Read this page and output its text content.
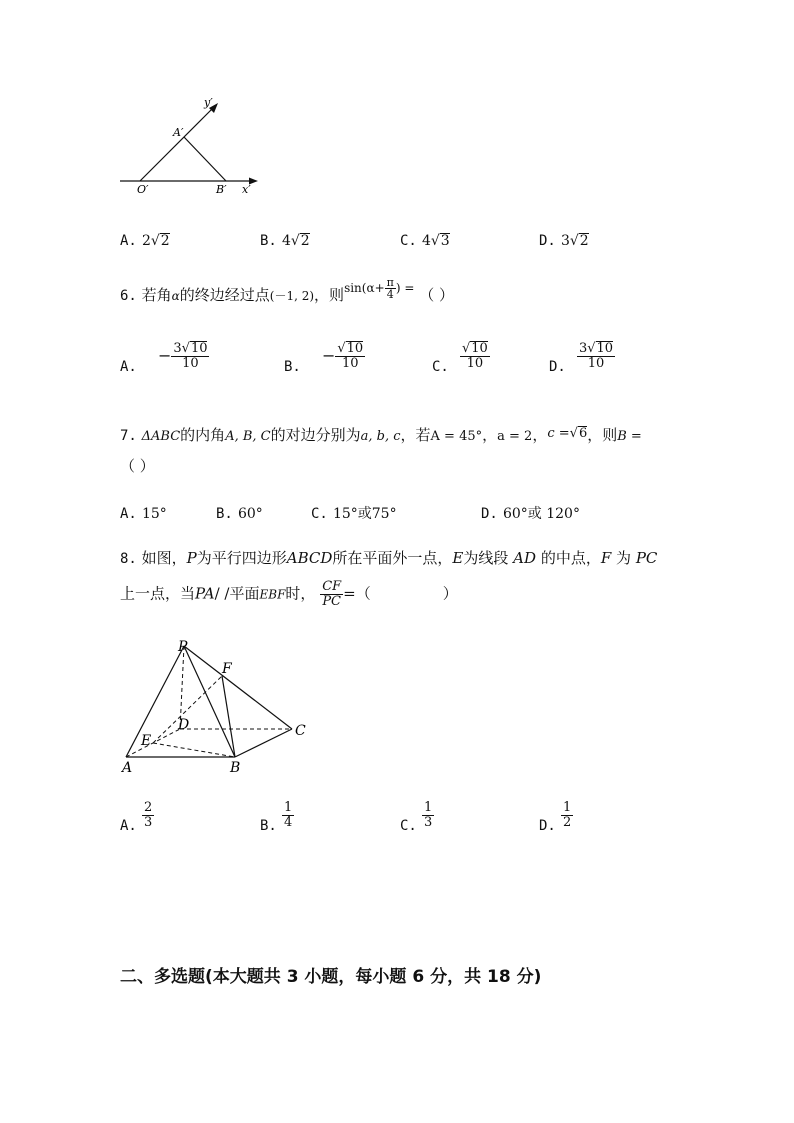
y′
A′
O′	B′ x′
A. 2√2	B. 4√2	C. 4√3	D. 3√2
6. 若角α的终边经过点(－1, 2)，则$^{sin(\alpha+ \frac{\pi}{4} ) =}$ （ ）
A. − $\frac{3√10}{10}$	B. − $\frac{√10}{10}$	C. $\frac{√10}{10}$	D. $\frac{3√10}{10}$
7. ΔABC的内角A, B, C的对边分别为a, b, c，若A = 45°，a = 2，c =√6，则B =
（ ）
A. 15°	B. 60°	C. 15°或75°	D. 60°或 120°
8. 如图，P为平行四边形ABCD所在平面外一点，E为线段 AD 的中点，F 为 PC
上一点，当PA/ /平面EBF时， $\frac{CF}{PC}$ =（	）
P
F
D	C
E
A	B
A. $\frac{2}{3}$	B. $\frac{1}{4}$	C. $\frac{1}{3}$	D. $\frac{1}{2}$
二、多选题(本大题共 3 小题，每小题 6 分，共 18 分)
